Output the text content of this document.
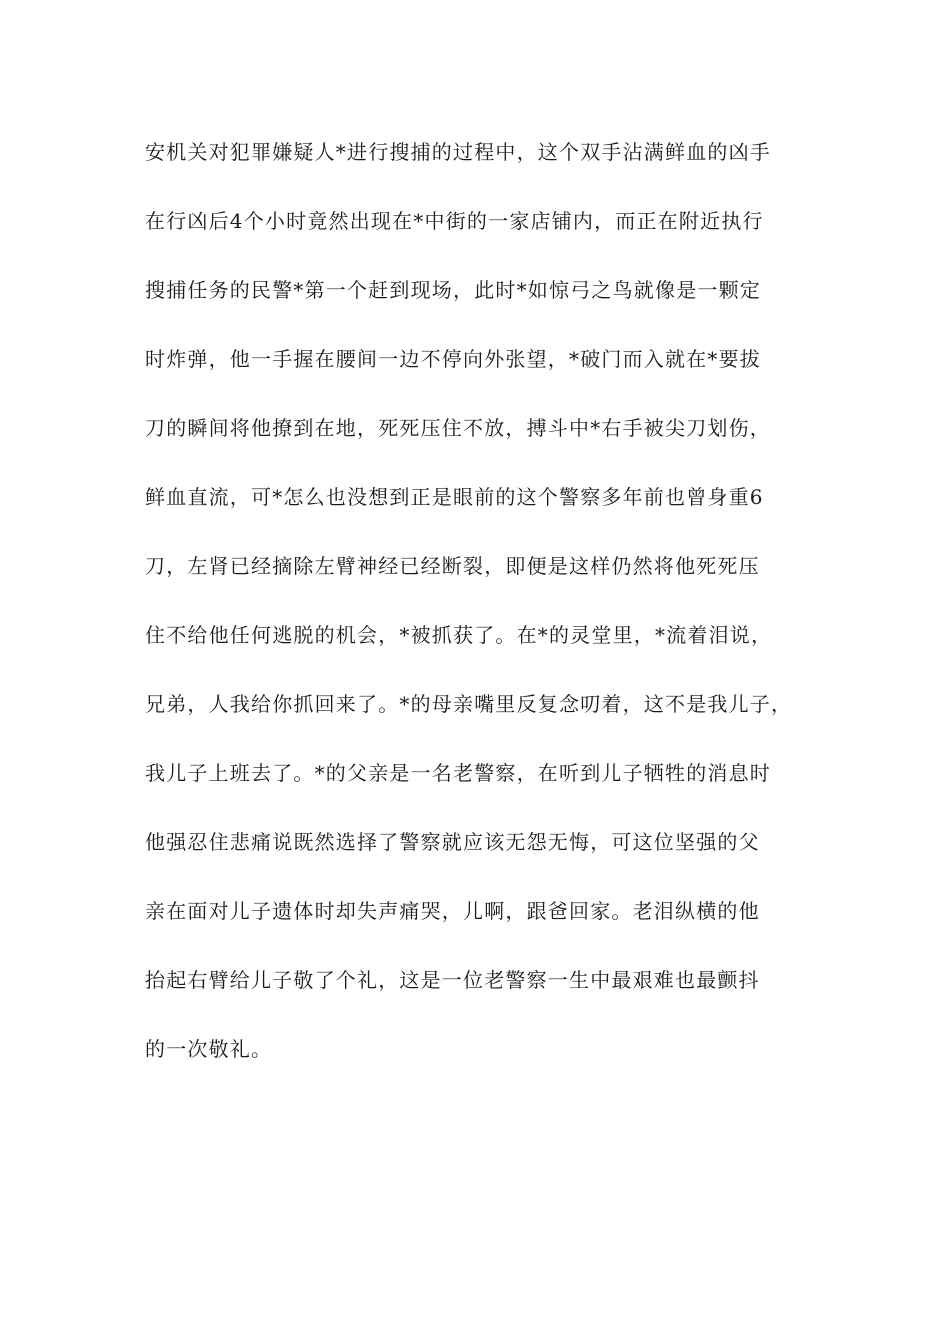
安机关对犯罪嫌疑人*进行搜捕的过程中，这个双手沾满鲜血的凶手
在行凶后4个小时竟然出现在*中街的一家店铺内，而正在附近执行
搜捕任务的民警*第一个赶到现场，此时*如惊弓之鸟就像是一颗定
时炸弹，他一手握在腰间一边不停向外张望，*破门而入就在*要拔
刀的瞬间将他撩到在地，死死压住不放，搏斗中*右手被尖刀划伤，
鲜血直流，可*怎么也没想到正是眼前的这个警察多年前也曾身重6
刀，左肾已经摘除左臂神经已经断裂，即便是这样仍然将他死死压
住不给他任何逃脱的机会，*被抓获了。在*的灵堂里，*流着泪说，
兄弟，人我给你抓回来了。*的母亲嘴里反复念叨着，这不是我儿子，
我儿子上班去了。*的父亲是一名老警察，在听到儿子牺牲的消息时
他强忍住悲痛说既然选择了警察就应该无怨无悔，可这位坚强的父
亲在面对儿子遗体时却失声痛哭，儿啊，跟爸回家。老泪纵横的他
抬起右臂给儿子敬了个礼，这是一位老警察一生中最艰难也最颤抖
的一次敬礼。
